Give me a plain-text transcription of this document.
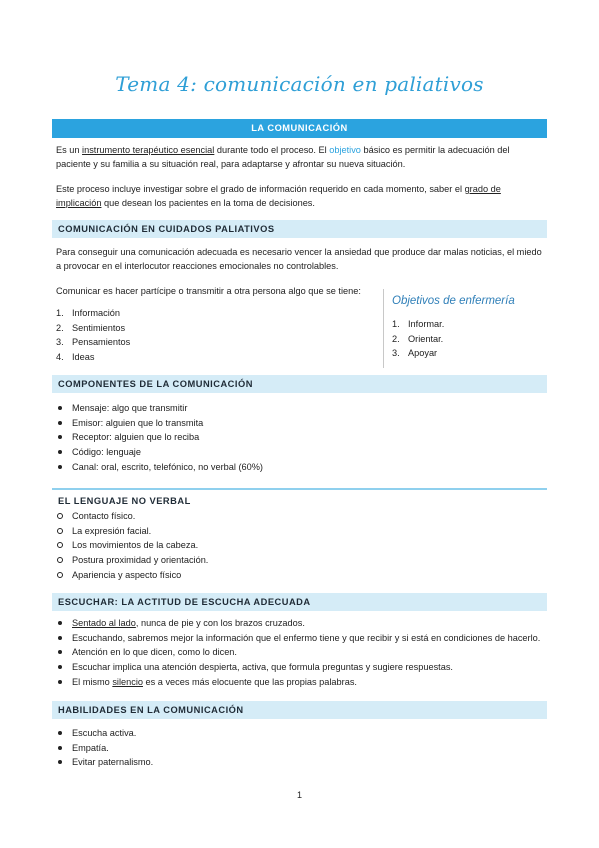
Tema 4: comunicación en paliativos
LA COMUNICACIÓN
Es un instrumento terapéutico esencial durante todo el proceso. El objetivo básico es permitir la adecuación del paciente y su familia a su situación real, para adaptarse y afrontar su nueva situación.
Este proceso incluye investigar sobre el grado de información requerido en cada momento, saber el grado de implicación que desean los pacientes en la toma de decisiones.
COMUNICACIÓN EN CUIDADOS PALIATIVOS
Para conseguir una comunicación adecuada es necesario vencer la ansiedad que produce dar malas noticias, el miedo a provocar en el interlocutor reacciones emocionales no controlables.
Comunicar es hacer partícipe o transmitir a otra persona algo que se tiene:
1. Información
2. Sentimientos
3. Pensamientos
4. Ideas
Objetivos de enfermería
1. Informar.
2. Orientar.
3. Apoyar
COMPONENTES DE LA COMUNICACIÓN
Mensaje: algo que transmitir
Emisor: alguien que lo transmita
Receptor: alguien que lo reciba
Código: lenguaje
Canal: oral, escrito, telefónico, no verbal (60%)
EL LENGUAJE NO VERBAL
Contacto físico.
La expresión facial.
Los movimientos de la cabeza.
Postura proximidad y orientación.
Apariencia y aspecto físico
ESCUCHAR: LA ACTITUD DE ESCUCHA ADECUADA
Sentado al lado, nunca de pie y con los brazos cruzados.
Escuchando, sabremos mejor la información que el enfermo tiene y que recibir y si está en condiciones de hacerlo.
Atención en lo que dicen, como lo dicen.
Escuchar implica una atención despierta, activa, que formula preguntas y sugiere respuestas.
El mismo silencio es a veces más elocuente que las propias palabras.
HABILIDADES EN LA COMUNICACIÓN
Escucha activa.
Empatía.
Evitar paternalismo.
1
